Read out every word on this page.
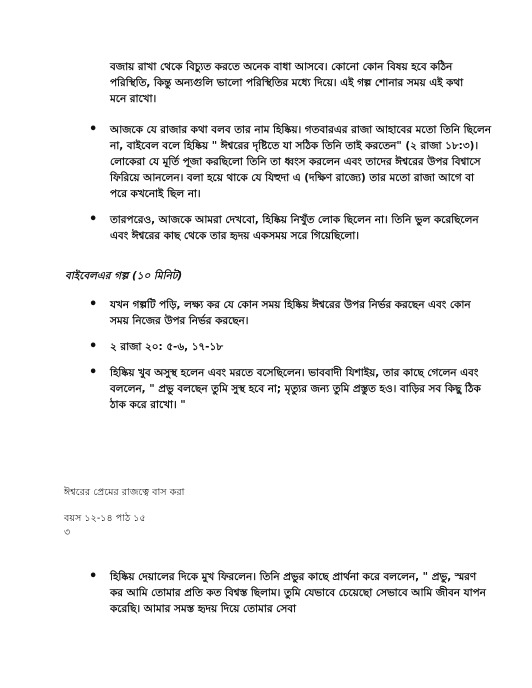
বজায় রাখা থেকে বিচ্যুত করতে অনেক বাধা আসবে। কোনো কোন বিষয় হবে কঠিন পরিস্থিতি, কিন্তু অন্যগুলি ভালো পরিস্থিতির মধ্যে দিয়ে। এই গল্প শোনার সময় এই কথা মনে রাখো।

• আজকে যে রাজার কথা বলব তার নাম হিষ্কিয়। গতবারএর রাজা আহাবের মতো তিনি ছিলেন না, বাইবেল বলে হিষ্কিয় " ঈশ্বরের দৃষ্টিতে যা সঠিক তিনি তাই করতেন" (২ রাজা ১৮:৩)। লোকেরা যে মূর্তি পূজা করছিলো তিনি তা ধ্বংস করলেন এবং তাদের ঈশ্বরের উপর বিশ্বাসে ফিরিয়ে আনলেন। বলা হয়ে থাকে যে যিহুদা এ (দক্ষিণ রাজ্যে) তার মতো রাজা আগে বা পরে কখনোই ছিল না।
• তারপরেও, আজকে আমরা দেখবো, হিষ্কিয় নিখুঁত লোক ছিলেন না। তিনি ভুল করেছিলেন এবং ঈশ্বরের কাছ থেকে তার হৃদয় একসময় সরে গিয়েছিলো।

বাইবেলএর গল্প (১০ মিনিট)

• যখন গল্পটি পড়ি, লক্ষ্য কর যে কোন সময় হিষ্কিয় ঈশ্বরের উপর নির্ভর করছেন এবং কোন সময় নিজের উপর নির্ভর করছেন।
• ২ রাজা ২০: ৫-৬, ১৭-১৮
• হিষ্কিয় খুব অসুস্থ হলেন এবং মরতে বসেছিলেন। ভাববাদী যিশাইয়, তার কাছে গেলেন এবং বললেন, " প্রভু বলছেন তুমি সুস্থ হবে না; মৃত্যুর জন্য তুমি প্রস্তুত হও। বাড়ির সব কিছু ঠিক ঠাক করে রাখো। "

ঈশ্বরের প্রেমের রাজত্বে বাস করা

বয়স ১২-১৪ পাঠ ১৫

৩

• হিষ্কিয় দেয়ালের দিকে মুখ ফিরলেন। তিনি প্রভুর কাছে প্রার্থনা করে বললেন, " প্রভু, স্মরণ কর আমি তোমার প্রতি কত বিশ্বস্ত ছিলাম। তুমি যেভাবে চেয়েছো সেভাবে আমি জীবন যাপন করেছি। আমার সমস্ত হৃদয় দিয়ে তোমার সেবা
